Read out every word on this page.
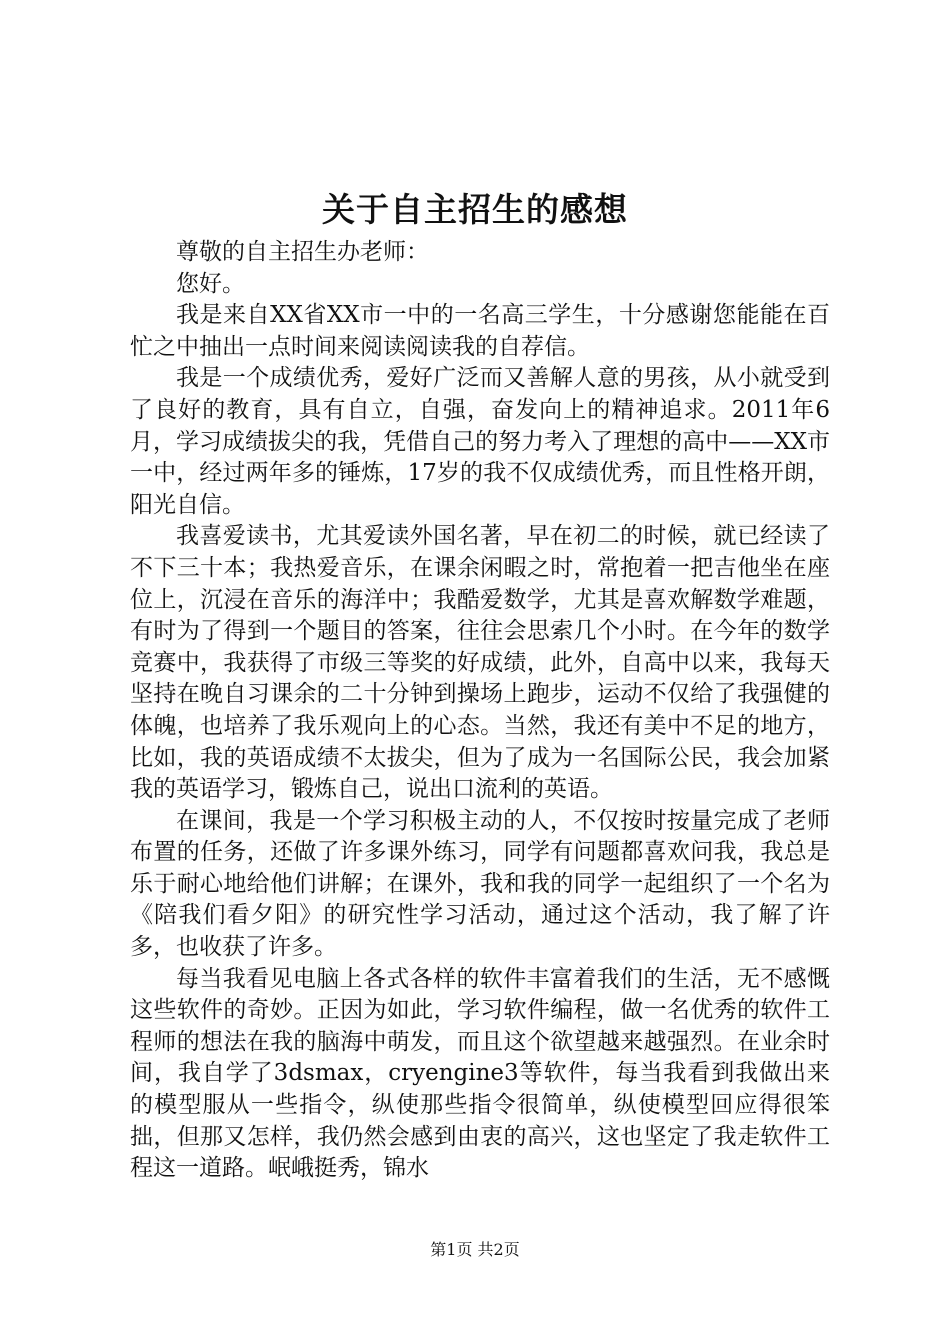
关于自主招生的感想

尊敬的自主招生办老师：

您好。

我是来自XX省XX市一中的一名高三学生，十分感谢您能能在百忙之中抽出一点时间来阅读阅读我的自荐信。

我是一个成绩优秀，爱好广泛而又善解人意的男孩，从小就受到了良好的教育，具有自立，自强，奋发向上的精神追求。2011年6月，学习成绩拔尖的我，凭借自己的努力考入了理想的高中——XX市一中，经过两年多的锤炼，17岁的我不仅成绩优秀，而且性格开朗，阳光自信。

我喜爱读书，尤其爱读外国名著，早在初二的时候，就已经读了不下三十本；我热爱音乐，在课余闲暇之时，常抱着一把吉他坐在座位上，沉浸在音乐的海洋中；我酷爱数学，尤其是喜欢解数学难题，有时为了得到一个题目的答案，往往会思索几个小时。在今年的数学竞赛中，我获得了市级三等奖的好成绩，此外，自高中以来，我每天坚持在晚自习课余的二十分钟到操场上跑步，运动不仅给了我强健的体魄，也培养了我乐观向上的心态。当然，我还有美中不足的地方，比如，我的英语成绩不太拔尖，但为了成为一名国际公民，我会加紧我的英语学习，锻炼自己，说出口流利的英语。

在课间，我是一个学习积极主动的人，不仅按时按量完成了老师布置的任务，还做了许多课外练习，同学有问题都喜欢问我，我总是乐于耐心地给他们讲解；在课外，我和我的同学一起组织了一个名为《陪我们看夕阳》的研究性学习活动，通过这个活动，我了解了许多，也收获了许多。

每当我看见电脑上各式各样的软件丰富着我们的生活，无不感慨这些软件的奇妙。正因为如此，学习软件编程，做一名优秀的软件工程师的想法在我的脑海中萌发，而且这个欲望越来越强烈。在业余时间，我自学了3dsmax，cryengine3等软件，每当我看到我做出来的模型服从一些指令，纵使那些指令很简单，纵使模型回应得很笨拙，但那又怎样，我仍然会感到由衷的高兴，这也坚定了我走软件工程这一道路。岷峨挺秀，锦水

第1页 共2页
